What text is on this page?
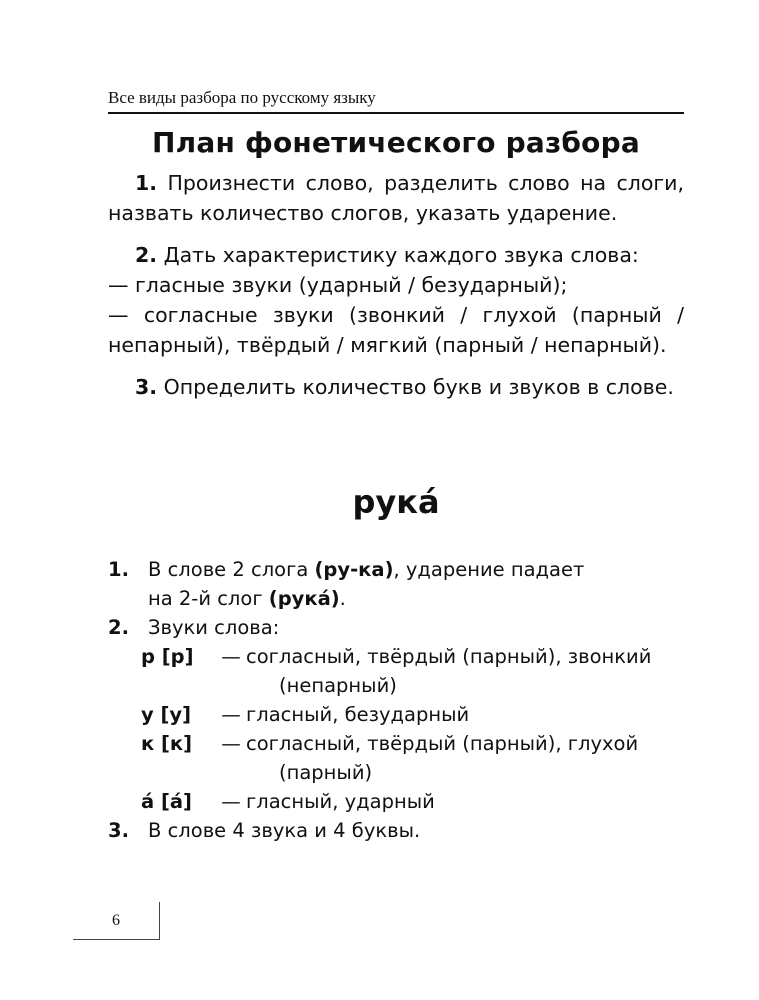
Все виды разбора по русскому языку
План фонетического разбора

1. Произнести слово, разделить слово на слоги, назвать количество слогов, указать ударение.

2. Дать характеристику каждого звука слова:

— гласные звуки (ударный / безударный);

— согласные звуки (звонкий / глухой (парный / непарный), твёрдый / мягкий (парный / непарный).

3. Определить количество букв и звуков в слове.

рука́
1. В слове 2 слога (ру-ка), ударение падает
на 2-й слог (рука́).
2. Звуки слова:
р [р]	— согласный, твёрдый (парный), звонкий
(непарный)
у [у]	— гласный, безударный
к [к]	— согласный, твёрдый (парный), глухой
(парный)
а́ [а́]	— гласный, ударный
3. В слове 4 звука и 4 буквы.
6
